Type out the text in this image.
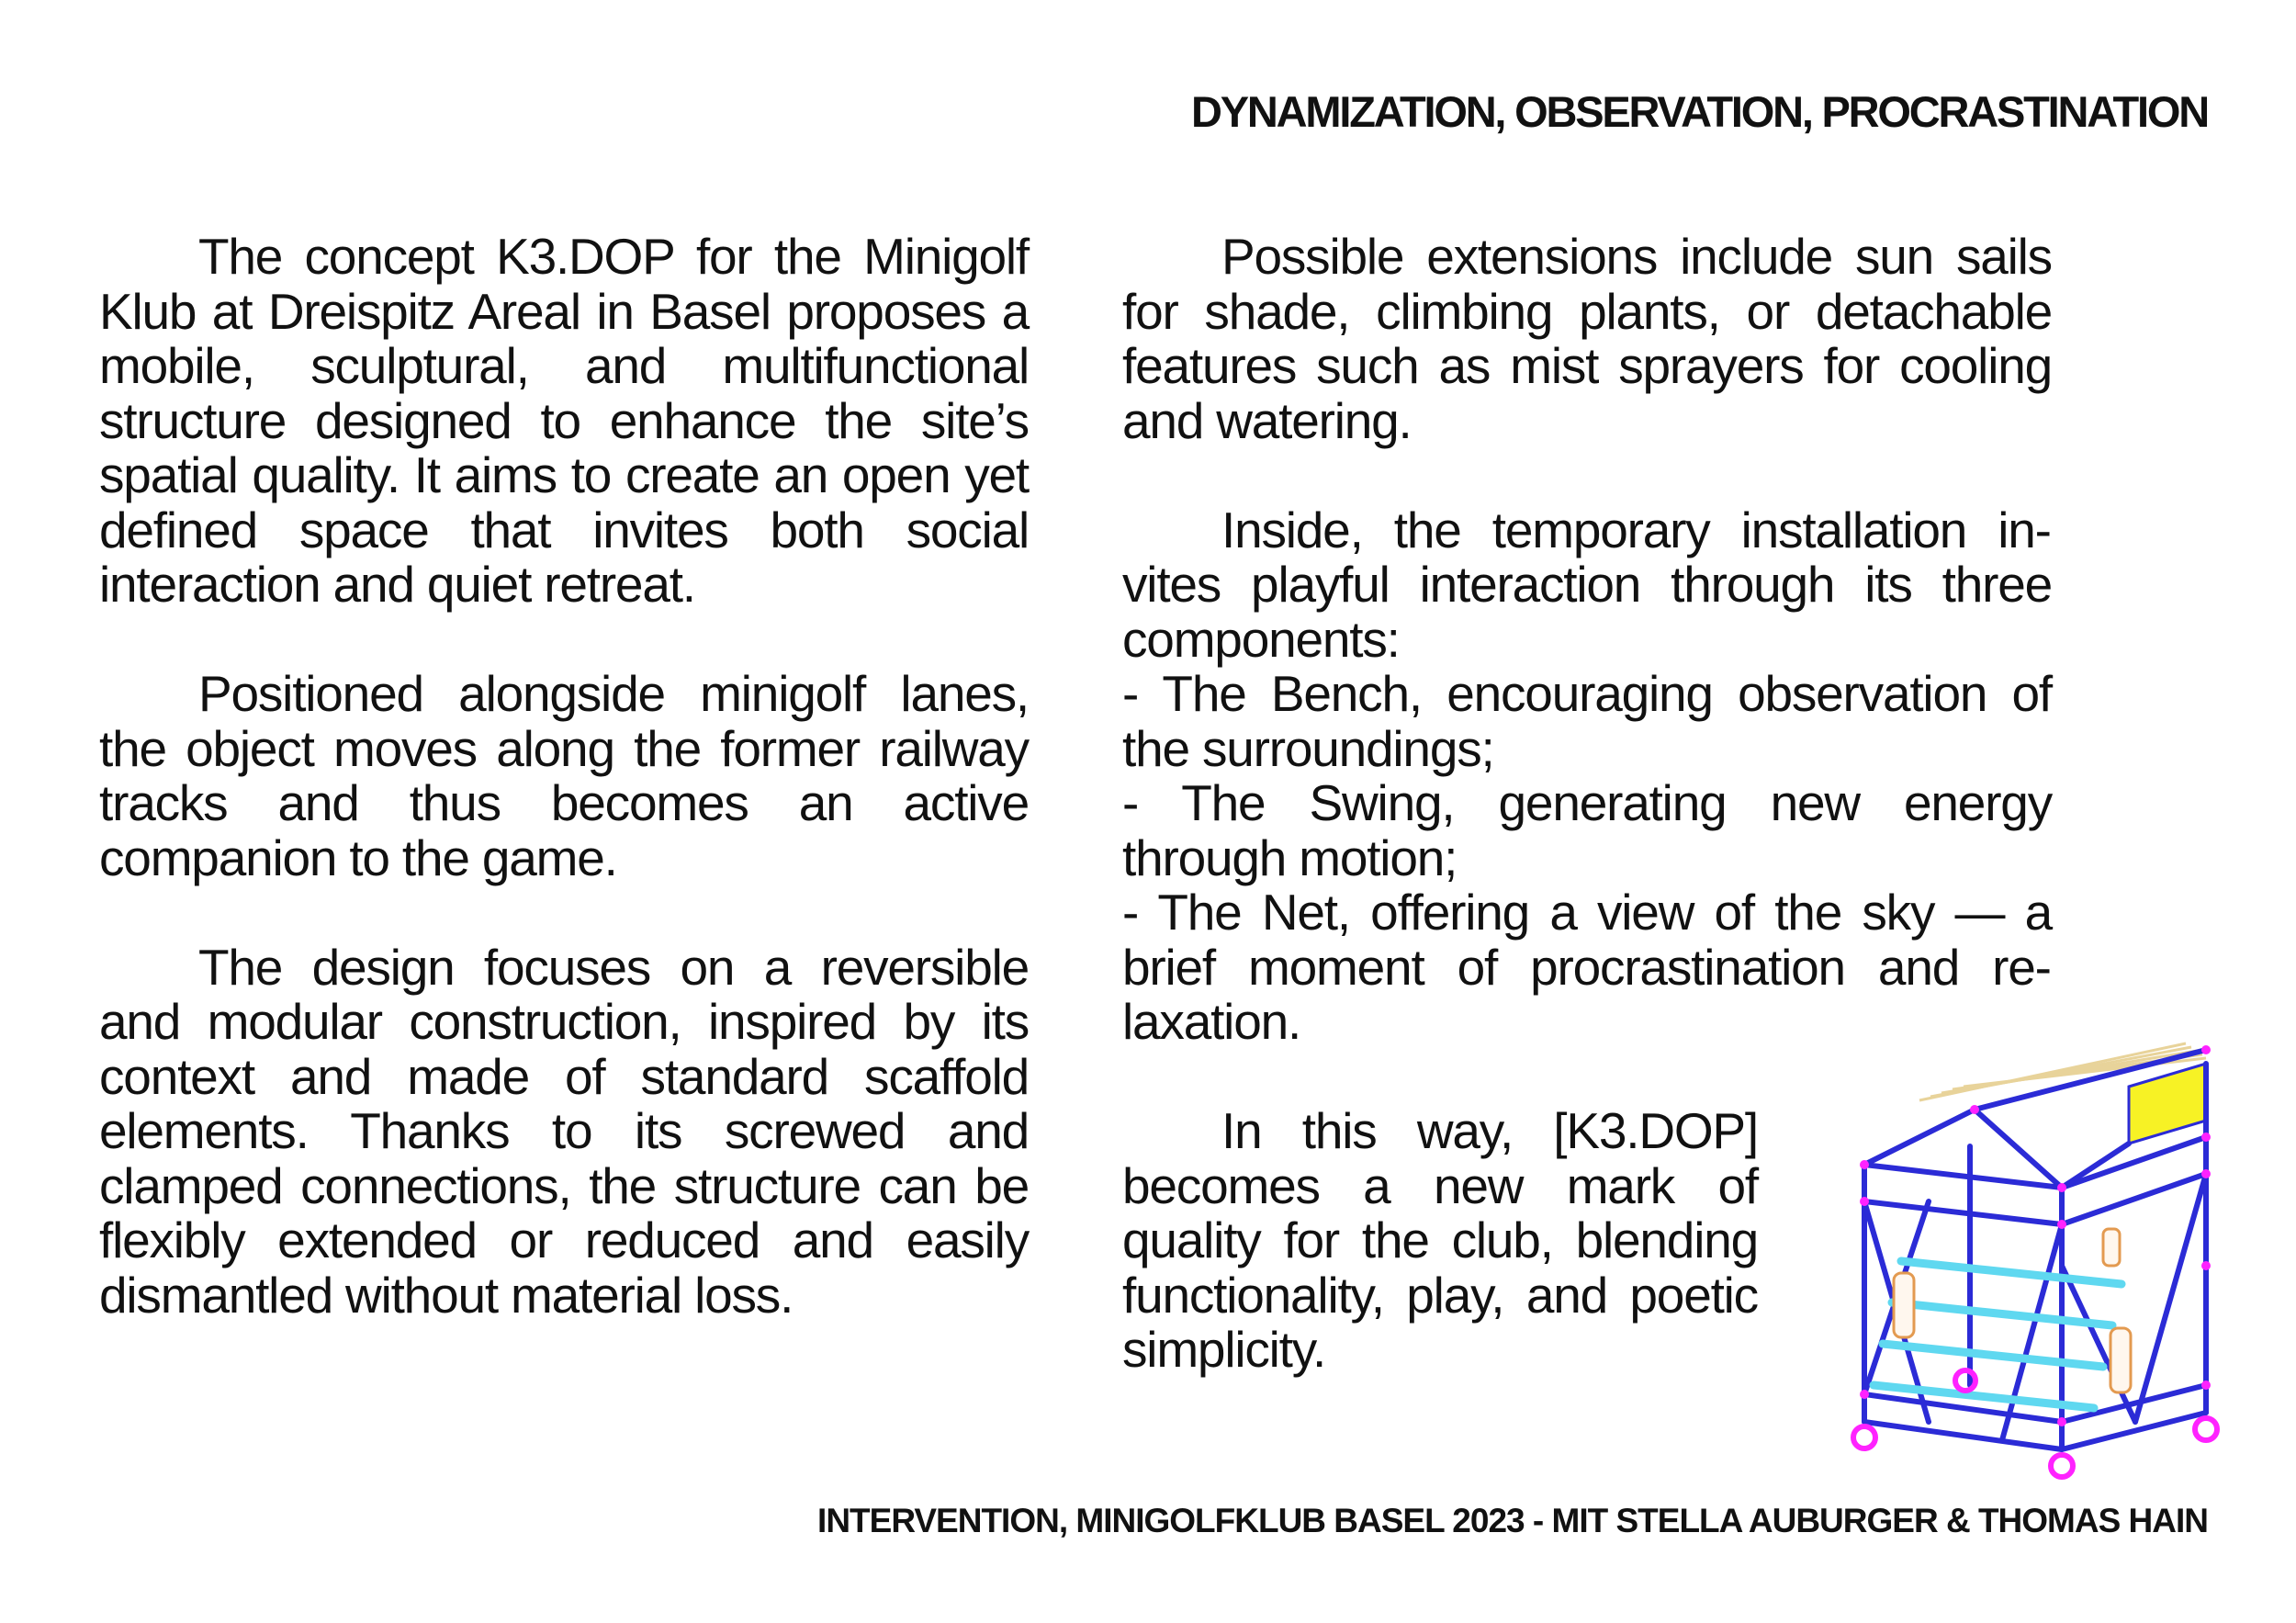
DYNAMIZATION, OBSERVATION, PROCRASTINATION

The concept K3.DOP for the Minigolf Klub at Dreispitz Areal in Basel proposes a mobile, sculptural, and multifunctional structure designed to enhance the site’s spatial quality. It aims to create an open yet defined space that invites both social interaction and quiet retreat.

Positioned alongside minigolf lanes, the object moves along the former railway tracks and thus becomes an active companion to the game.

The design focuses on a reversible and modular construction, inspired by its context and made of standard scaffold elements. Thanks to its screwed and clamped connections, the structure can be flexibly extended or reduced and easily dismantled without material loss.

Possible extensions include sun sails for shade, climbing plants, or detachable features such as mist sprayers for cooling and watering.

Inside, the temporary installation invites playful interaction through its three components:
- The Bench, encouraging observation of the surroundings;
- The Swing, generating new energy through motion;
- The Net, offering a view of the sky — a brief moment of procrastination and relaxation.

In this way, [K3.DOP] becomes a new mark of quality for the club, blending functionality, play, and poetic simplicity.

INTERVENTION, MINIGOLFKLUB BASEL 2023 - MIT STELLA AUBURGER & THOMAS HAIN
